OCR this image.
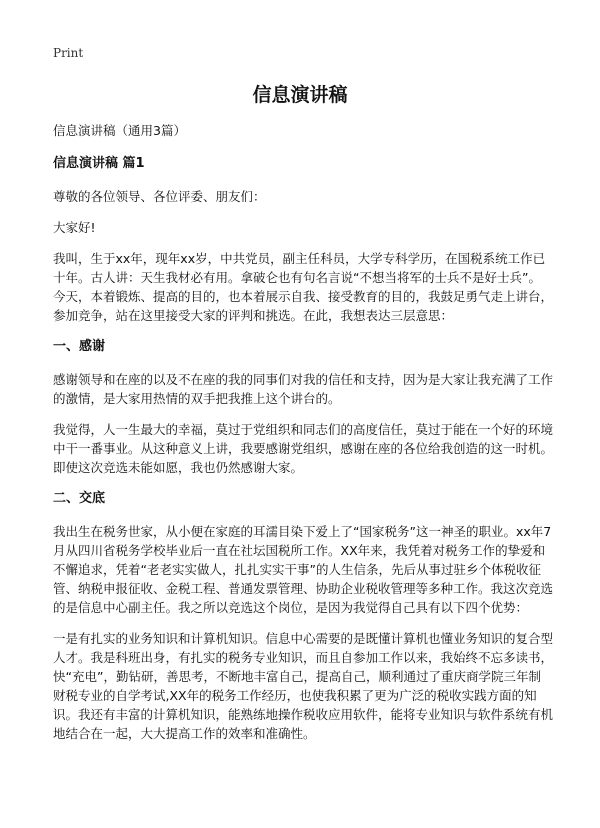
Print
信息演讲稿

信息演讲稿（通用3篇）

信息演讲稿 篇1

尊敬的各位领导、各位评委、朋友们：

大家好!

我叫，生于xx年，现年xx岁，中共党员，副主任科员，大学专科学历，在国税系统工作已十年。古人讲：天生我材必有用。拿破仑也有句名言说“不想当将军的士兵不是好士兵”。今天，本着锻炼、提高的目的，也本着展示自我、接受教育的目的，我鼓足勇气走上讲台，参加竞争，站在这里接受大家的评判和挑选。在此，我想表达三层意思：

一、感谢

感谢领导和在座的以及不在座的我的同事们对我的信任和支持，因为是大家让我充满了工作的激情，是大家用热情的双手把我推上这个讲台的。

我觉得，人一生最大的幸福，莫过于党组织和同志们的高度信任，莫过于能在一个好的环境中干一番事业。从这种意义上讲，我要感谢党组织，感谢在座的各位给我创造的这一时机。即使这次竞选未能如愿，我也仍然感谢大家。

二、交底

我出生在税务世家，从小便在家庭的耳濡目染下爱上了“国家税务”这一神圣的职业。xx年7月从四川省税务学校毕业后一直在社坛国税所工作。XX年来，我凭着对税务工作的挚爱和不懈追求，凭着“老老实实做人，扎扎实实干事”的人生信条，先后从事过驻乡个体税收征管、纳税申报征收、金税工程、普通发票管理、协助企业税收管理等多种工作。我这次竞选的是信息中心副主任。我之所以竞选这个岗位，是因为我觉得自己具有以下四个优势：

一是有扎实的业务知识和计算机知识。信息中心需要的是既懂计算机也懂业务知识的复合型人才。我是科班出身，有扎实的税务专业知识，而且自参加工作以来，我始终不忘多读书，快“充电”，勤钻研，善思考，不断地丰富自己，提高自己，顺利通过了重庆商学院三年制财税专业的自学考试,XX年的税务工作经历，也使我积累了更为广泛的税收实践方面的知识。我还有丰富的计算机知识，能熟练地操作税收应用软件，能将专业知识与软件系统有机地结合在一起，大大提高工作的效率和准确性。
